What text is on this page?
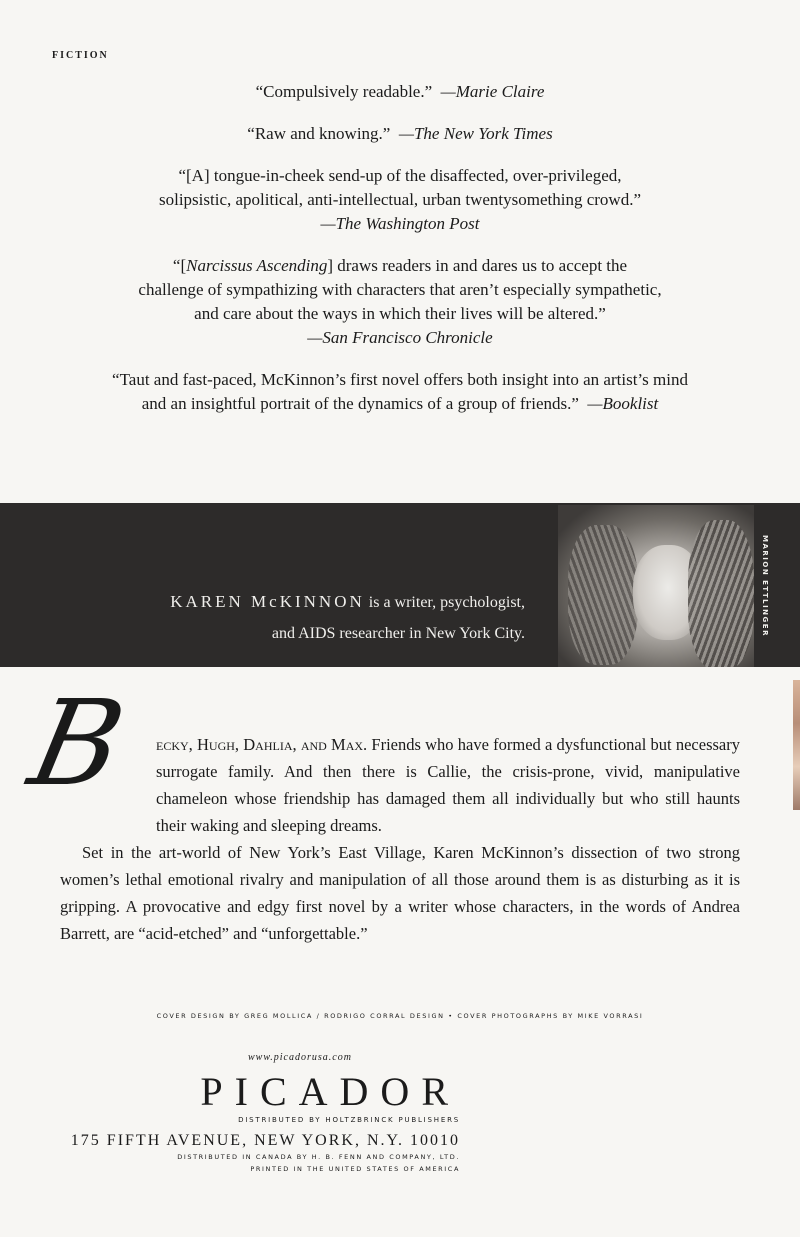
FICTION

“Compulsively readable.” —Marie Claire

“Raw and knowing.” —The New York Times

“[A] tongue-in-cheek send-up of the disaffected, over-privileged,

solipsistic, apolitical, anti-intellectual, urban twentysomething crowd.”

—The Washington Post

“[Narcissus Ascending] draws readers in and dares us to accept the

challenge of sympathizing with characters that aren’t especially sympathetic,

and care about the ways in which their lives will be altered.”

—San Francisco Chronicle

“Taut and fast-paced, McKinnon’s first novel offers both insight into an artist’s mind

and an insightful portrait of the dynamics of a group of friends.” —Booklist

KAREN McKINNON is a writer, psychologist,
and AIDS researcher in New York City.	MARION ETTLINGER
B	ecky, Hugh, Dahlia, and Max. Friends who have formed a dysfunctional but necessary surrogate family. And then there is Callie, the crisis-prone, vivid, manipulative chameleon whose friendship has damaged them all individually but who still haunts their waking and sleeping dreams.

Set in the art-world of New York’s East Village, Karen McKinnon’s dissection of two strong women’s lethal emotional rivalry and manipulation of all those around them is as disturbing as it is gripping. A provocative and edgy first novel by a writer whose characters, in the words of Andrea Barrett, are “acid-etched” and “unforgettable.”

COVER DESIGN BY GREG MOLLICA / RODRIGO CORRAL DESIGN • COVER PHOTOGRAPHS BY MIKE VORRASI
www.picadorusa.com
PICADOR
DISTRIBUTED BY HOLTZBRINCK PUBLISHERS
175 FIFTH AVENUE, NEW YORK, N.Y. 10010
DISTRIBUTED IN CANADA BY H. B. FENN AND COMPANY, LTD.
PRINTED IN THE UNITED STATES OF AMERICA
